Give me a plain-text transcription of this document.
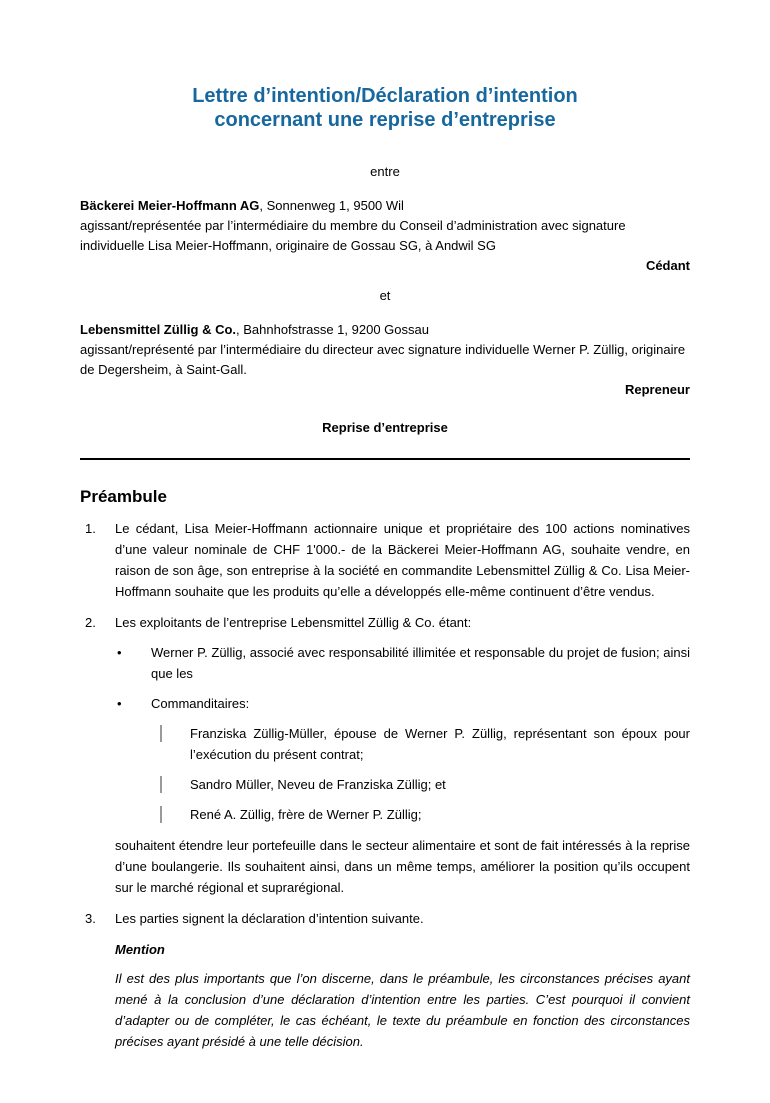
Lettre d’intention/Déclaration d’intention
concernant une reprise d’entreprise
entre
Bäckerei Meier-Hoffmann AG, Sonnenweg 1, 9500 Wil
agissant/représentée par l’intermédiaire du membre du Conseil d’administration avec signature individuelle Lisa Meier-Hoffmann, originaire de Gossau SG, à Andwil SG
Cédant
et
Lebensmittel Züllig & Co., Bahnhofstrasse 1, 9200 Gossau
agissant/représenté par l’intermédiaire du directeur avec signature individuelle Werner P. Züllig, originaire de Degersheim, à Saint-Gall.
Repreneur
Reprise d’entreprise
Préambule
1.	Le cédant, Lisa Meier-Hoffmann actionnaire unique et propriétaire des 100 actions nominatives d’une valeur nominale de CHF 1'000.- de la Bäckerei Meier-Hoffmann AG, souhaite vendre, en raison de son âge, son entreprise à la société en commandite Lebensmittel Züllig & Co. Lisa Meier-Hoffmann souhaite que les produits qu’elle a développés elle-même continuent d’être vendus.
2.	Les exploitants de l’entreprise Lebensmittel Züllig & Co. étant:
•	Werner P. Züllig, associé avec responsabilité illimitée et responsable du projet de fusion; ainsi que les
•	Commanditaires:
Franziska Züllig-Müller, épouse de Werner P. Züllig, représentant son époux pour l’exécution du présent contrat;
Sandro Müller, Neveu de Franziska Züllig; et
René A. Züllig, frère de Werner P. Züllig;
souhaitent étendre leur portefeuille dans le secteur alimentaire et sont de fait intéressés à la reprise d’une boulangerie. Ils souhaitent ainsi, dans un même temps, améliorer la position qu’ils occupent sur le marché régional et suprarégional.
3.	Les parties signent la déclaration d’intention suivante.
Mention
Il est des plus importants que l’on discerne, dans le préambule, les circonstances précises ayant mené à la conclusion d’une déclaration d’intention entre les parties. C’est pourquoi il convient d’adapter ou de compléter, le cas échéant, le texte du préambule en fonction des circonstances précises ayant présidé à une telle décision.
